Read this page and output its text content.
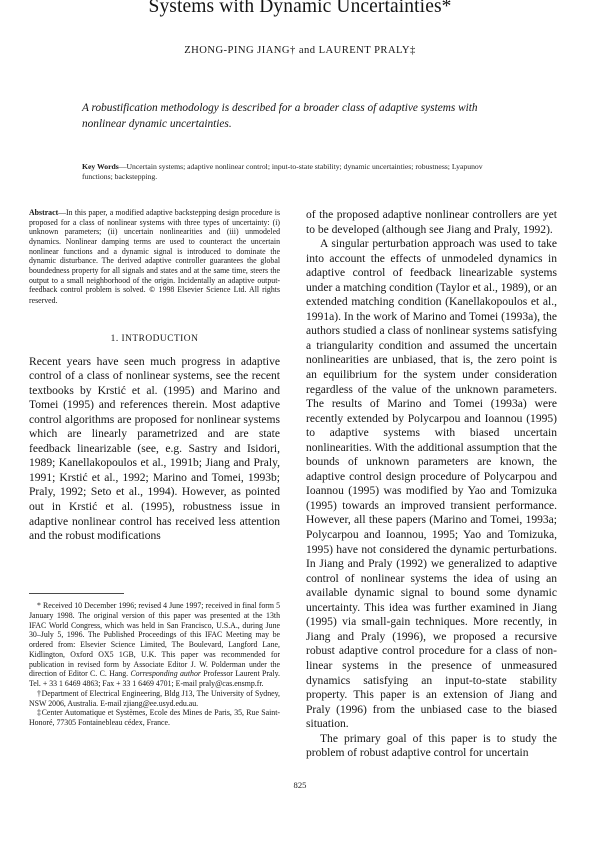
Systems with Dynamic Uncertainties*
ZHONG-PING JIANG† and LAURENT PRALY‡
A robustification methodology is described for a broader class of adaptive systems with nonlinear dynamic uncertainties.
Key Words—Uncertain systems; adaptive nonlinear control; input-to-state stability; dynamic uncertainties; robustness; Lyapunov functions; backstepping.

Abstract—In this paper, a modified adaptive backstepping design procedure is proposed for a class of nonlinear systems with three types of uncertainty: (i) unknown parameters; (ii) uncertain nonlinearities and (iii) unmodeled dynamics. Nonlinear damping terms are used to counteract the uncertain nonlinear functions and a dynamic signal is introduced to dominate the dynamic disturbance. The derived adaptive controller guarantees the global boundedness property for all signals and states and at the same time, steers the output to a small neighborhood of the origin. Incidentally an adaptive output-feedback control problem is solved. © 1998 Elsevier Science Ltd. All rights reserved.

1. INTRODUCTION

Recent years have seen much progress in adaptive control of a class of nonlinear systems, see the recent textbooks by Krstić et al. (1995) and Marino and Tomei (1995) and references therein. Most adaptive control algorithms are proposed for nonlinear systems which are linearly parametrized and are state feedback linearizable (see, e.g. Sastry and Isidori, 1989; Kanellakopoulos et al., 1991b; Jiang and Praly, 1991; Krstić et al., 1992; Marino and Tomei, 1993b; Praly, 1992; Seto et al., 1994). However, as pointed out in Krstić et al. (1995), robustness issue in adaptive nonlinear control has received less attention and the robust modifications

of the proposed adaptive nonlinear controllers are yet to be developed (although see Jiang and Praly, 1992).

A singular perturbation approach was used to take into account the effects of unmodeled dynamics in adaptive control of feedback linearizable systems under a matching condition (Taylor et al., 1989), or an extended matching condition (Kanellakopoulos et al., 1991a). In the work of Marino and Tomei (1993a), the authors studied a class of nonlinear systems satisfying a triangularity condition and assumed the uncertain nonlinearities are unbiased, that is, the zero point is an equilibrium for the system under consideration regardless of the value of the unknown parameters. The results of Marino and Tomei (1993a) were recently extended by Polycarpou and Ioannou (1995) to adaptive systems with biased uncertain nonlinearities. With the additional assumption that the bounds of unknown parameters are known, the adaptive control design procedure of Polycarpou and Ioannou (1995) was modified by Yao and Tomizuka (1995) towards an improved transient performance. However, all these papers (Marino and Tomei, 1993a; Polycarpou and Ioannou, 1995; Yao and Tomizuka, 1995) have not considered the dynamic perturbations. In Jiang and Praly (1992) we generalized to adaptive control of nonlinear systems the idea of using an available dynamic signal to bound some dynamic uncertainty. This idea was further examined in Jiang (1995) via small-gain techniques. More recently, in Jiang and Praly (1996), we proposed a recursive robust adaptive control procedure for a class of non-linear systems in the presence of unmeasured dynamics satisfying an input-to-state stability property. This paper is an extension of Jiang and Praly (1996) from the unbiased case to the biased situation.

The primary goal of this paper is to study the problem of robust adaptive control for uncertain

* Received 10 December 1996; revised 4 June 1997; received in final form 5 January 1998. The original version of this paper was presented at the 13th IFAC World Congress, which was held in San Francisco, U.S.A., during June 30–July 5, 1996. The Published Proceedings of this IFAC Meeting may be ordered from: Elsevier Science Limited, The Boulevard, Langford Lane, Kidlington, Oxford OX5 1GB, U.K. This paper was recommended for publication in revised form by Associate Editor J. W. Polderman under the direction of Editor C. C. Hang. Corresponding author Professor Laurent Praly. Tel. + 33 1 6469 4863; Fax + 33 1 6469 4701; E-mail praly@cas.ensmp.fr.

†Department of Electrical Engineering, Bldg J13, The University of Sydney, NSW 2006, Australia. E-mail zjiang@ee.usyd.edu.au.

‡Center Automatique et Systèmes, Ecole des Mines de Paris, 35, Rue Saint-Honoré, 77305 Fontainebleau cédex, France.

825
